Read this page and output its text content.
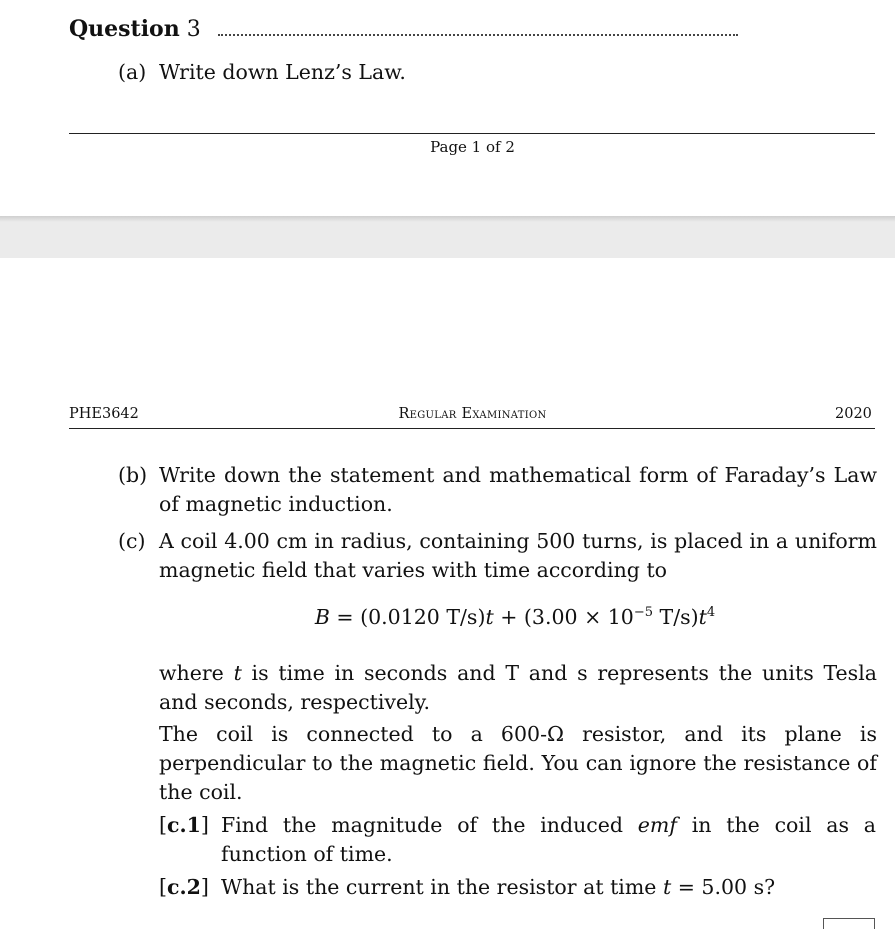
Question 3
(a) Write down Lenz’s Law.
Page 1 of 2
PHE3642	Regular Examination	2020
(b) Write down the statement and mathematical form of Faraday’s Law of magnetic induction.
(c) A coil 4.00 cm in radius, containing 500 turns, is placed in a uniform magnetic field that varies with time according to
B = (0.0120 $T/s)t + (3.00 \times 10^{-5}$ $T/s)t^4$
where t is time in seconds and T and s represents the units Tesla and seconds, respectively.
The coil is connected to a 600-Ω resistor, and its plane is perpendicular to the magnetic field. You can ignore the resistance of the coil.
[c.1] Find the magnitude of the induced emf in the coil as a function of time.
[c.2] What is the current in the resistor at time t = 5.00 s?
